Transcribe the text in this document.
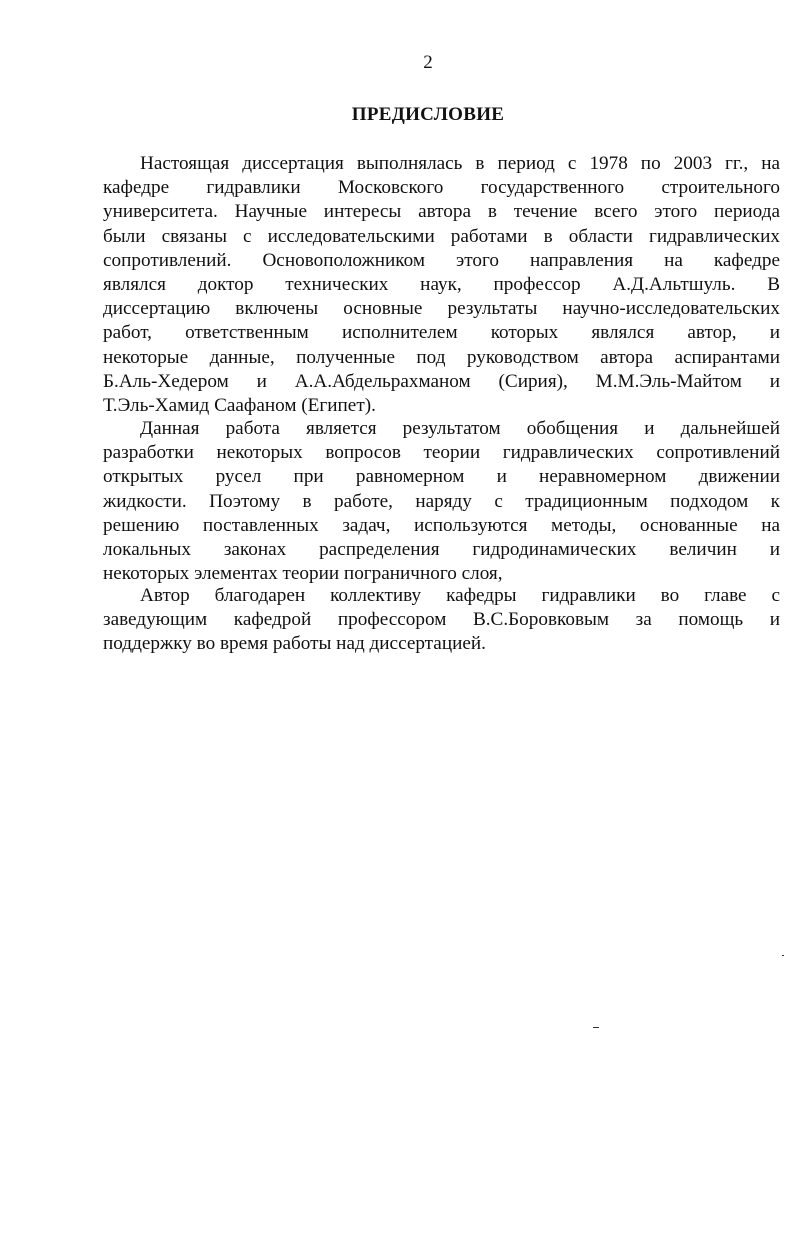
2
ПРЕДИСЛОВИЕ
Настоящая диссертация выполнялась в период с 1978 по 2003 гг., на
кафедре гидравлики Московского государственного строительного
университета. Научные интересы автора в течение всего этого периода
были связаны с исследовательскими работами в области гидравлических
сопротивлений. Основоположником этого направления на кафедре
являлся доктор технических наук, профессор А.Д.Альтшуль. В
диссертацию включены основные результаты научно-исследовательских
работ, ответственным исполнителем которых являлся автор, и
некоторые данные, полученные под руководством автора аспирантами
Б.Аль-Хедером и А.А.Абдельрахманом (Сирия), М.М.Эль-Майтом и
Т.Эль-Хамид Саафаном (Египет).
Данная работа является результатом обобщения и дальнейшей
разработки некоторых вопросов теории гидравлических сопротивлений
открытых русел при равномерном и неравномерном движении
жидкости. Поэтому в работе, наряду с традиционным подходом к
решению поставленных задач, используются методы, основанные на
локальных законах распределения гидродинамических величин и
некоторых элементах теории пограничного слоя,
Автор благодарен коллективу кафедры гидравлики во главе с
заведующим кафедрой профессором В.С.Боровковым за помощь и
поддержку во время работы над диссертацией.
